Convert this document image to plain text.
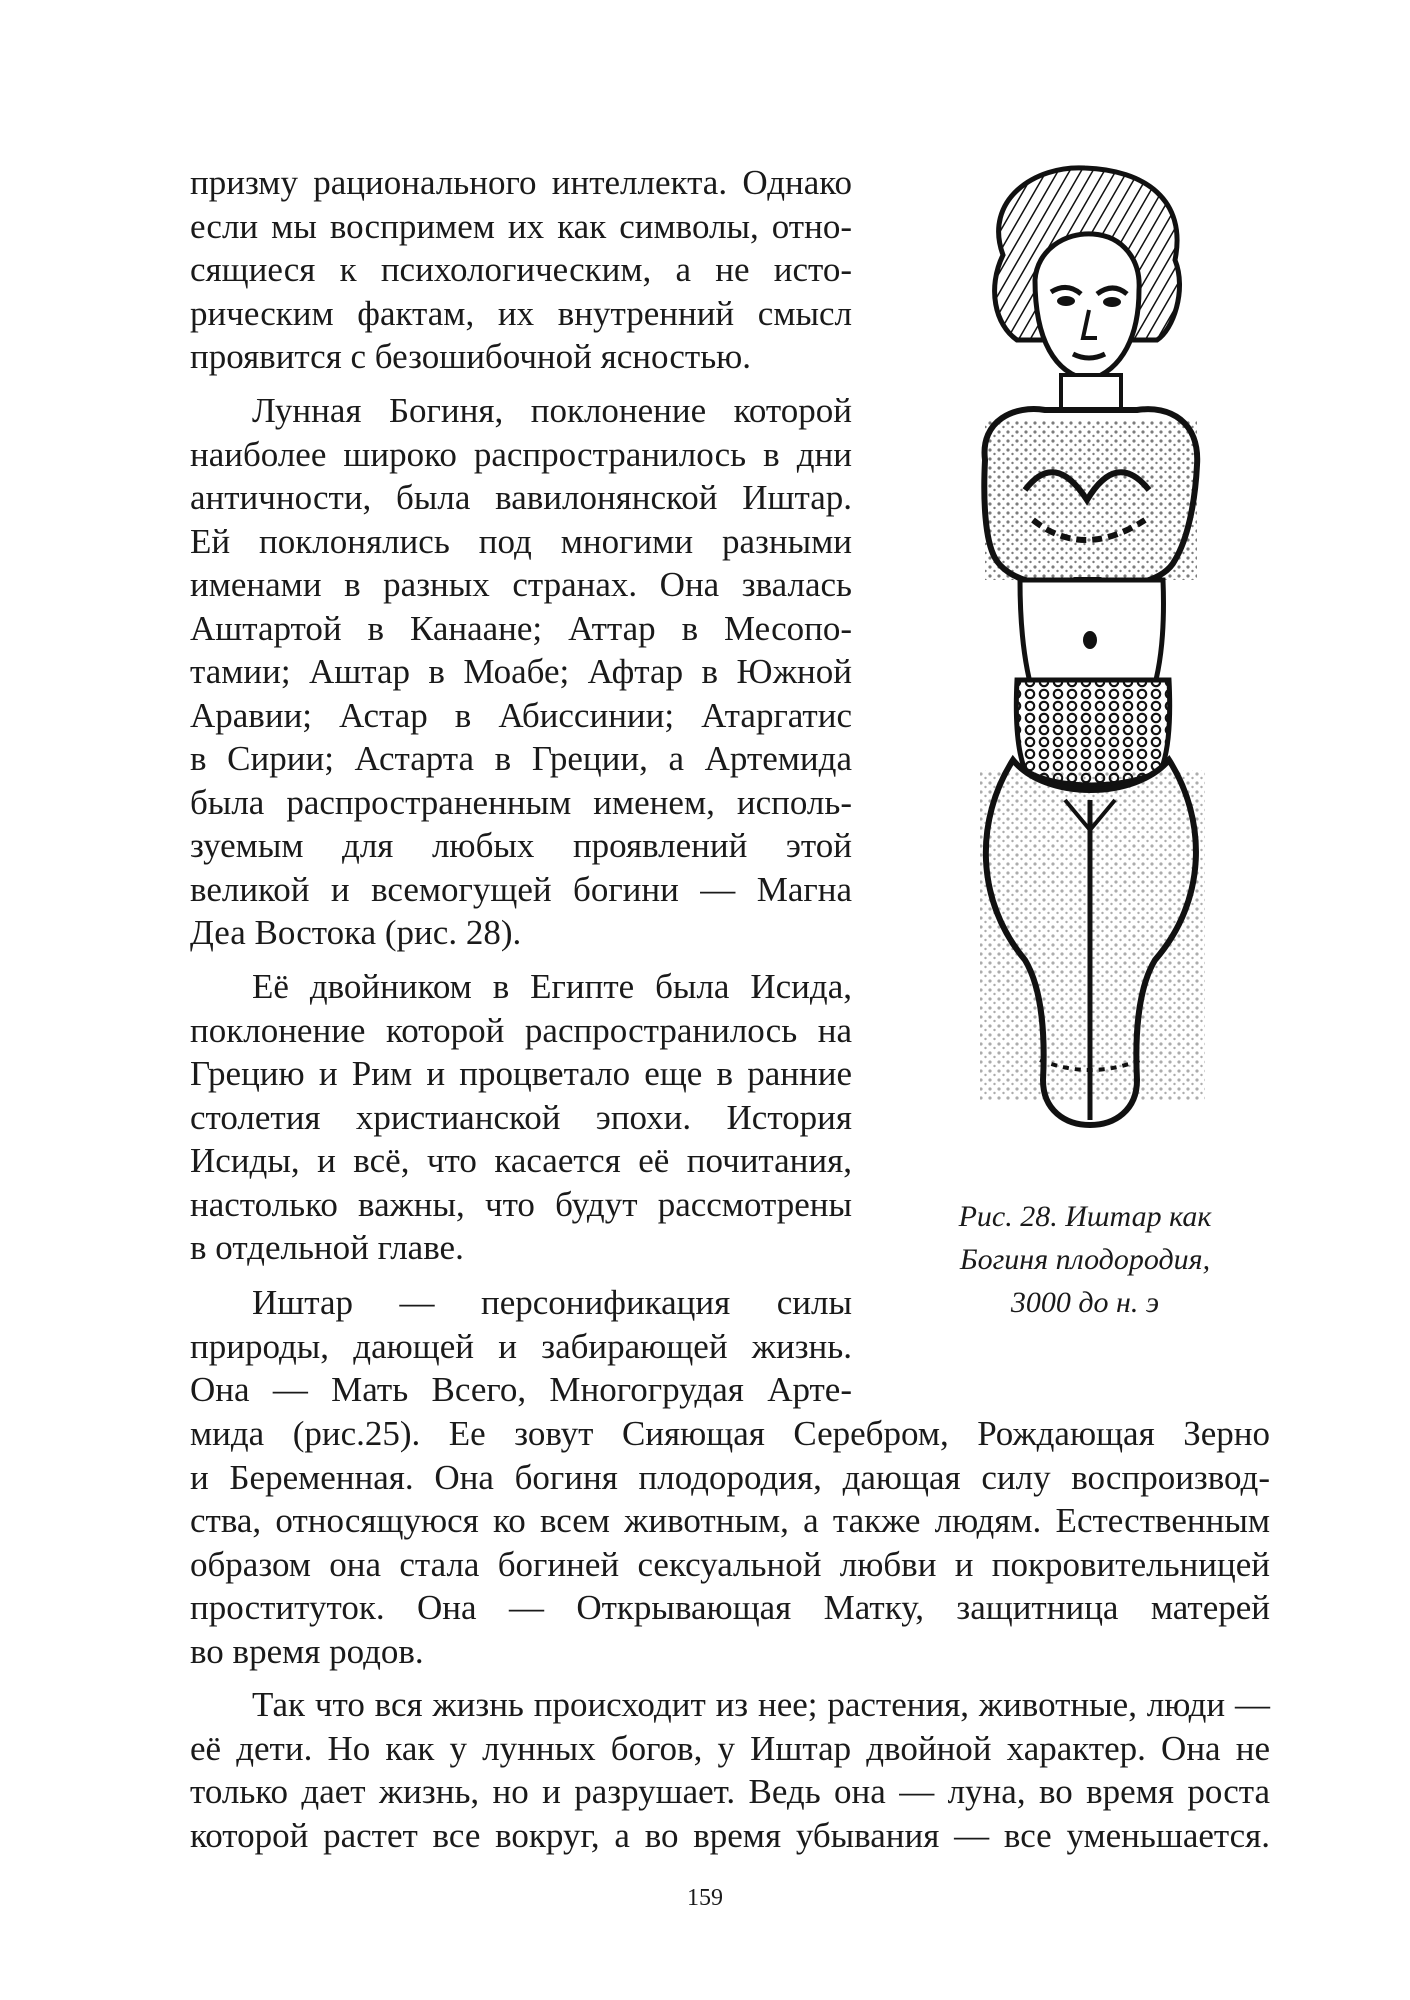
призму рационального интеллекта. Однако
если мы воспримем их как символы, отно-
сящиеся к психологическим, а не исто-
рическим фактам, их внутренний смысл
проявится с безошибочной ясностью.

Лунная Богиня, поклонение которой
наиболее широко распространилось в дни
античности, была вавилонянской Иштар.
Ей поклонялись под многими разными
именами в разных странах. Она звалась
Аштартой в Канаане; Аттар в Месопо-
тамии; Аштар в Моабе; Афтар в Южной
Аравии; Астар в Абиссинии; Атаргатис
в Сирии; Астарта в Греции, а Артемида
была распространенным именем, исполь-
зуемым для любых проявлений этой
великой и всемогущей богини — Магна
Деа Востока (рис. 28).

Её двойником в Египте была Исида,
поклонение которой распространилось на
Грецию и Рим и процветало еще в ранние
столетия христианской эпохи. История
Исиды, и всё, что касается её почитания,
настолько важны, что будут рассмотрены
в отдельной главе.

Иштар — персонификация силы
природы, дающей и забирающей жизнь.
Она — Мать Всего, Многогрудая Арте-

мида (рис.25). Ее зовут Сияющая Серебром, Рождающая Зерно
и Беременная. Она богиня плодородия, дающая силу воспроизвод-
ства, относящуюся ко всем животным, а также людям. Естественным
образом она стала богиней сексуальной любви и покровительницей
проституток. Она — Открывающая Матку, защитница матерей
во время родов.

Так что вся жизнь происходит из нее; растения, животные, люди —
её дети. Но как у лунных богов, у Иштар двойной характер. Она не
только дает жизнь, но и разрушает. Ведь она — луна, во время роста
которой растет все вокруг, а во время убывания — все уменьшается.

Рис. 28. Иштар как
Богиня плодородия,
3000 до н. э
159
